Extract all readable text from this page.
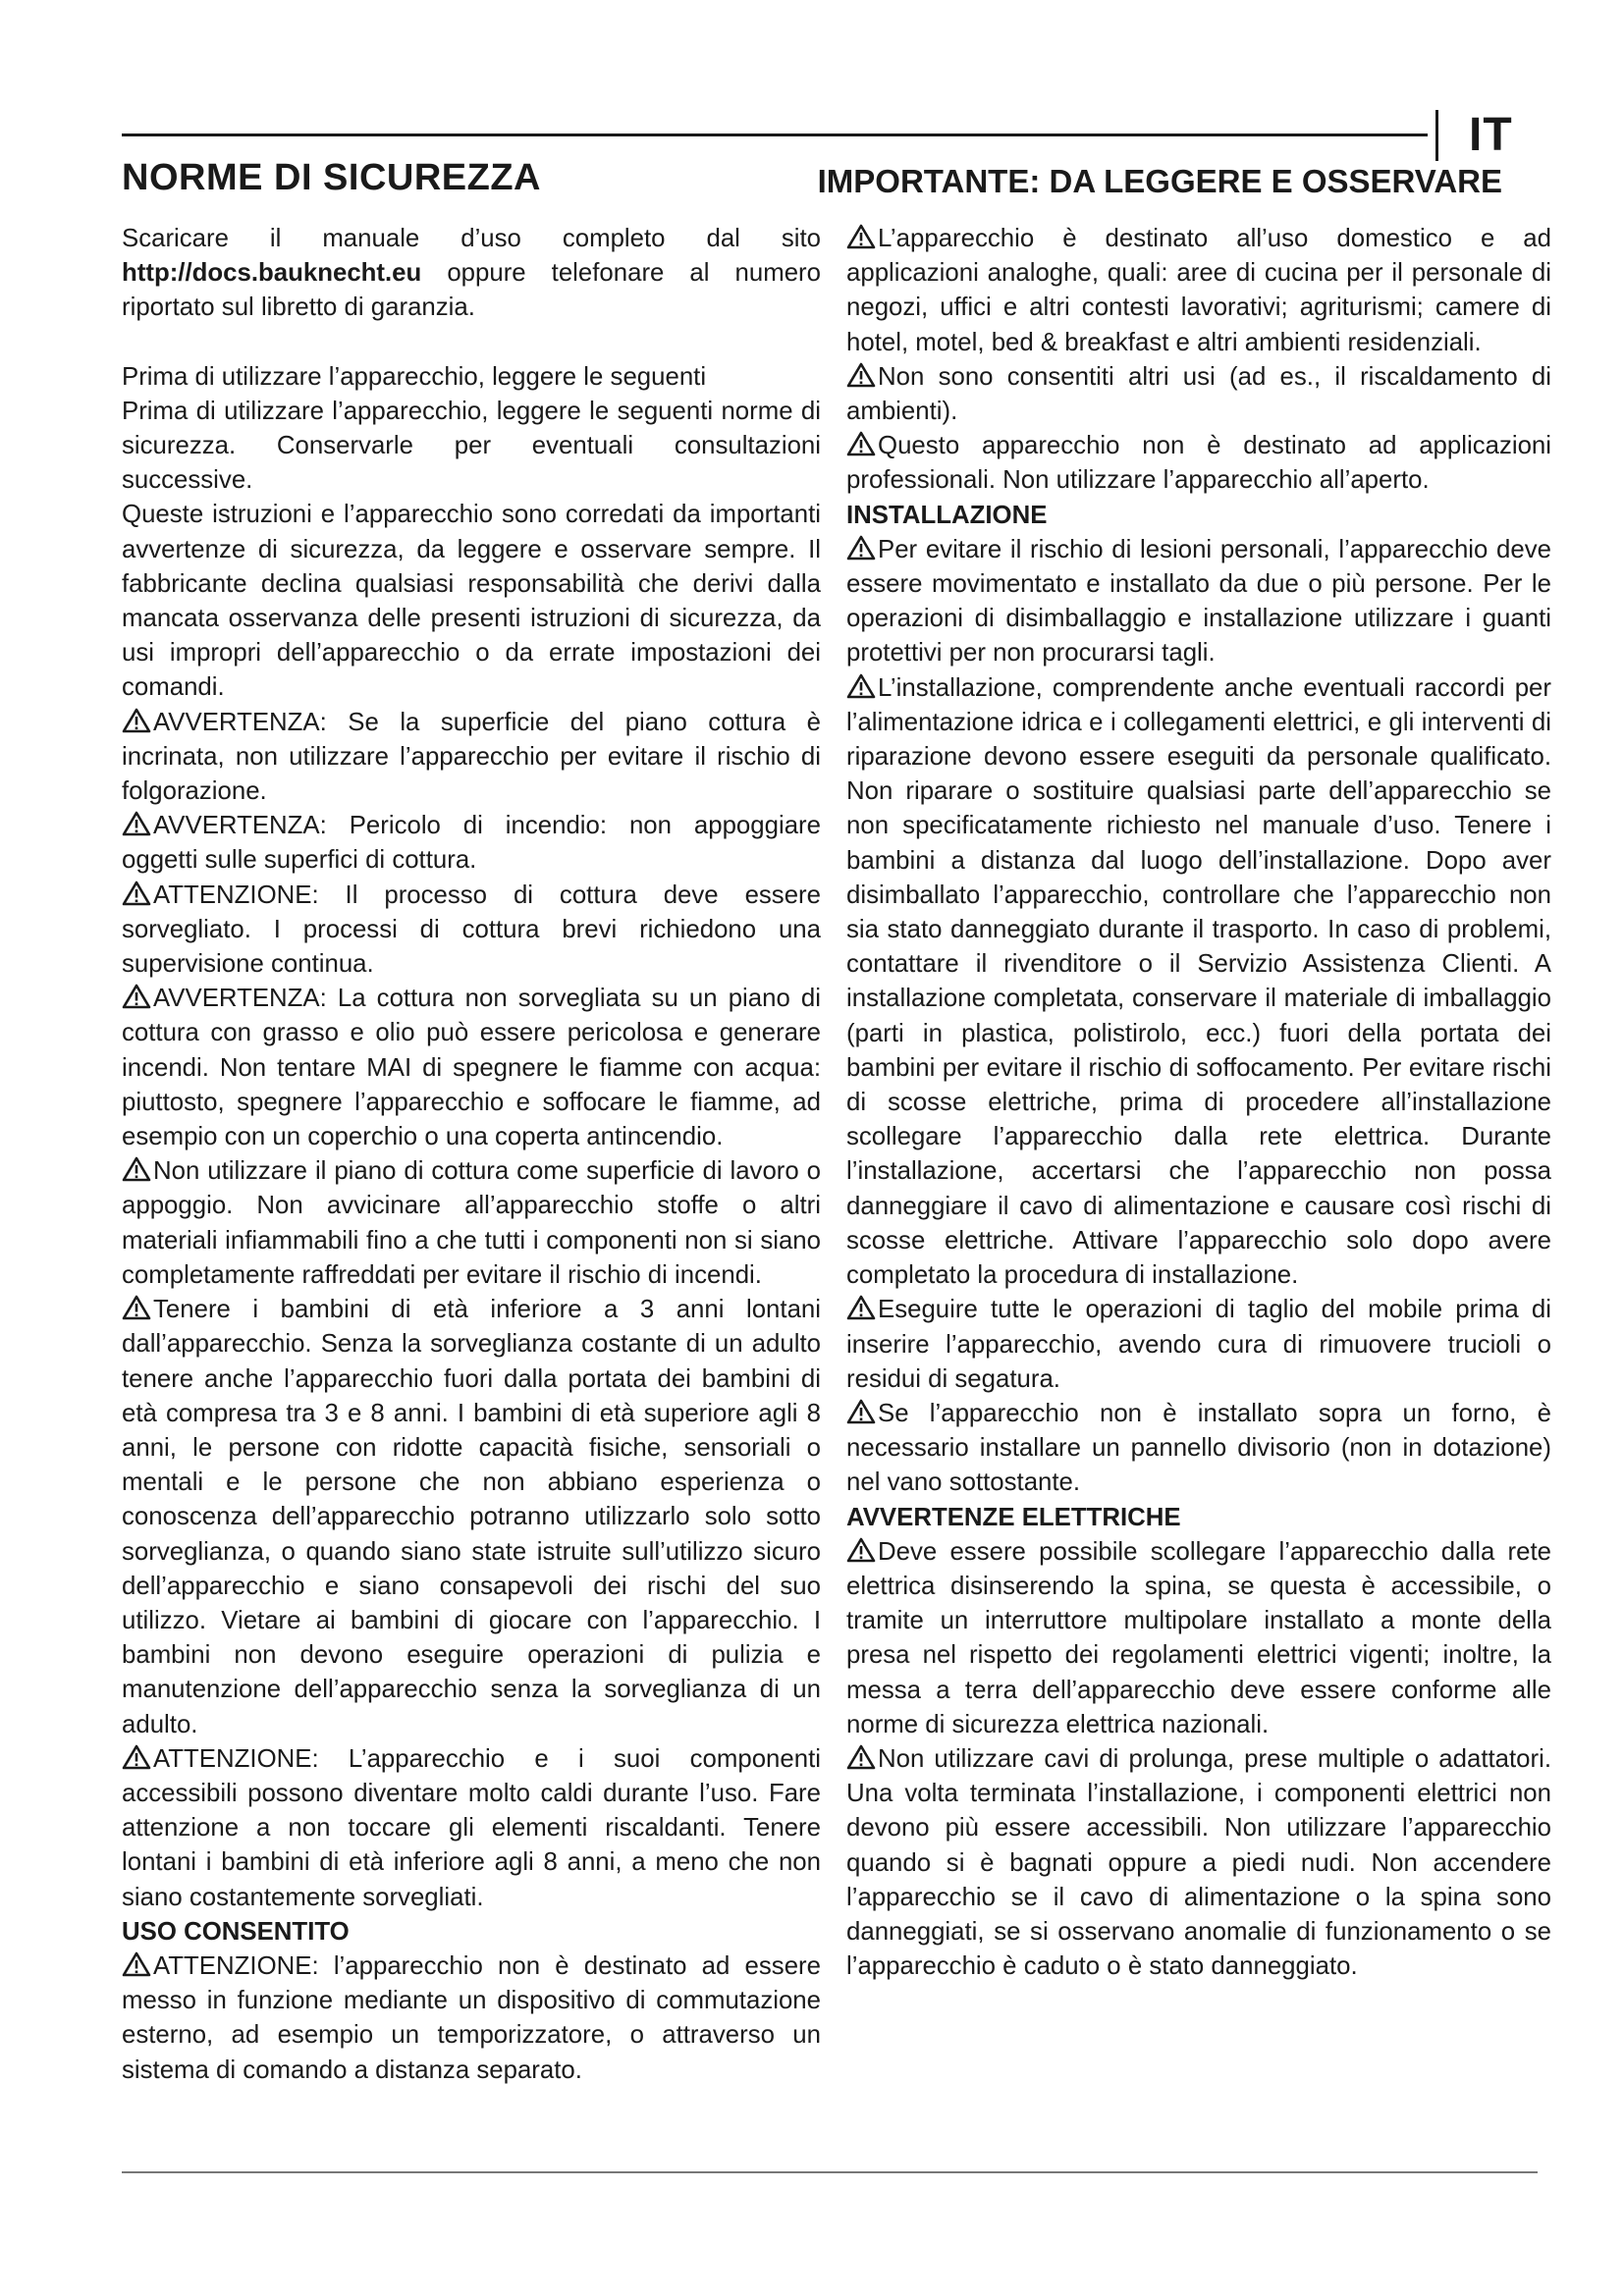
IT
NORME DI SICUREZZA	IMPORTANTE: DA LEGGERE E OSSERVARE

Scaricare il manuale d’uso completo dal sito http://docs.bauknecht.eu oppure telefonare al numero riportato sul libretto di garanzia.

Prima di utilizzare l’apparecchio, leggere le seguenti

Prima di utilizzare l’apparecchio, leggere le seguenti norme di sicurezza. Conservarle per eventuali consultazioni successive.

Queste istruzioni e l’apparecchio sono corredati da importanti avvertenze di sicurezza, da leggere e osservare sempre. Il fabbricante declina qualsiasi responsabilità che derivi dalla mancata osservanza delle presenti istruzioni di sicurezza, da usi impropri dell’apparecchio o da errate impostazioni dei comandi.

AVVERTENZA: Se la superficie del piano cottura è incrinata, non utilizzare l’apparecchio per evitare il rischio di folgorazione.

AVVERTENZA: Pericolo di incendio: non appoggiare oggetti sulle superfici di cottura.

ATTENZIONE: Il processo di cottura deve essere sorvegliato. I processi di cottura brevi richiedono una supervisione continua.

AVVERTENZA: La cottura non sorvegliata su un piano di cottura con grasso e olio può essere pericolosa e generare incendi. Non tentare MAI di spegnere le fiamme con acqua: piuttosto, spegnere l’apparecchio e soffocare le fiamme, ad esempio con un coperchio o una coperta antincendio.

Non utilizzare il piano di cottura come superficie di lavoro o appoggio. Non avvicinare all’apparecchio stoffe o altri materiali infiammabili fino a che tutti i componenti non si siano completamente raffreddati per evitare il rischio di incendi.

Tenere i bambini di età inferiore a 3 anni lontani dall’apparecchio. Senza la sorveglianza costante di un adulto tenere anche l’apparecchio fuori dalla portata dei bambini di età compresa tra 3 e 8 anni. I bambini di età superiore agli 8 anni, le persone con ridotte capacità fisiche, sensoriali o mentali e le persone che non abbiano esperienza o conoscenza dell’apparecchio potranno utilizzarlo solo sotto sorveglianza, o quando siano state istruite sull’utilizzo sicuro dell’apparecchio e siano consapevoli dei rischi del suo utilizzo. Vietare ai bambini di giocare con l’apparecchio. I bambini non devono eseguire operazioni di pulizia e manutenzione dell’apparecchio senza la sorveglianza di un adulto.

ATTENZIONE: L’apparecchio e i suoi componenti accessibili possono diventare molto caldi durante l’uso. Fare attenzione a non toccare gli elementi riscaldanti. Tenere lontani i bambini di età inferiore agli 8 anni, a meno che non siano costantemente sorvegliati.

USO CONSENTITO

ATTENZIONE: l’apparecchio non è destinato ad essere messo in funzione mediante un dispositivo di commutazione esterno, ad esempio un temporizzatore, o attraverso un sistema di comando a distanza separato.

L’apparecchio è destinato all’uso domestico e ad applicazioni analoghe, quali: aree di cucina per il personale di negozi, uffici e altri contesti lavorativi; agriturismi; camere di hotel, motel, bed & breakfast e altri ambienti residenziali.

Non sono consentiti altri usi (ad es., il riscaldamento di ambienti).

Questo apparecchio non è destinato ad applicazioni professionali. Non utilizzare l’apparecchio all’aperto.

INSTALLAZIONE

Per evitare il rischio di lesioni personali, l’apparecchio deve essere movimentato e installato da due o più persone. Per le operazioni di disimballaggio e installazione utilizzare i guanti protettivi per non procurarsi tagli.

L’installazione, comprendente anche eventuali raccordi per l’alimentazione idrica e i collegamenti elettrici, e gli interventi di riparazione devono essere eseguiti da personale qualificato. Non riparare o sostituire qualsiasi parte dell’apparecchio se non specificatamente richiesto nel manuale d’uso. Tenere i bambini a distanza dal luogo dell’installazione. Dopo aver disimballato l’apparecchio, controllare che l’apparecchio non sia stato danneggiato durante il trasporto. In caso di problemi, contattare il rivenditore o il Servizio Assistenza Clienti. A installazione completata, conservare il materiale di imballaggio (parti in plastica, polistirolo, ecc.) fuori della portata dei bambini per evitare il rischio di soffocamento. Per evitare rischi di scosse elettriche, prima di procedere all’installazione scollegare l’apparecchio dalla rete elettrica. Durante l’installazione, accertarsi che l’apparecchio non possa danneggiare il cavo di alimentazione e causare così rischi di scosse elettriche. Attivare l’apparecchio solo dopo avere completato la procedura di installazione.

Eseguire tutte le operazioni di taglio del mobile prima di inserire l’apparecchio, avendo cura di rimuovere trucioli o residui di segatura.

Se l’apparecchio non è installato sopra un forno, è necessario installare un pannello divisorio (non in dotazione) nel vano sottostante.

AVVERTENZE ELETTRICHE

Deve essere possibile scollegare l’apparecchio dalla rete elettrica disinserendo la spina, se questa è accessibile, o tramite un interruttore multipolare installato a monte della presa nel rispetto dei regolamenti elettrici vigenti; inoltre, la messa a terra dell’apparecchio deve essere conforme alle norme di sicurezza elettrica nazionali.

Non utilizzare cavi di prolunga, prese multiple o adattatori. Una volta terminata l’installazione, i componenti elettrici non devono più essere accessibili. Non utilizzare l’apparecchio quando si è bagnati oppure a piedi nudi. Non accendere l’apparecchio se il cavo di alimentazione o la spina sono danneggiati, se si osservano anomalie di funzionamento o se l’apparecchio è caduto o è stato danneggiato.
